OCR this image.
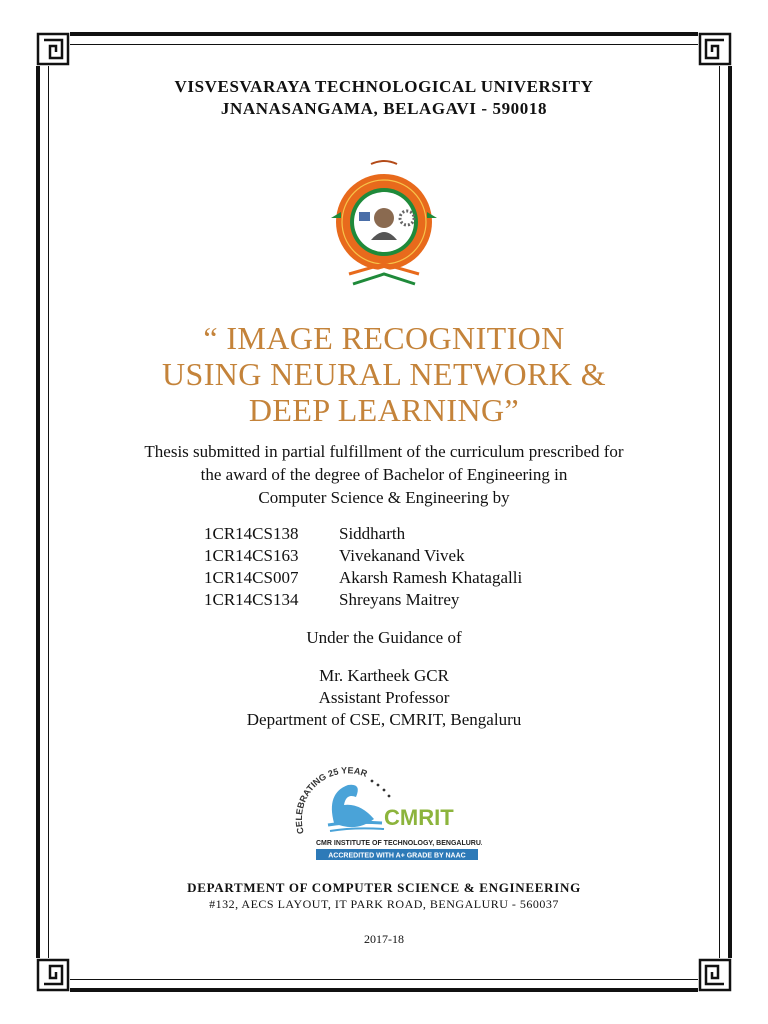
VISVESVARAYA TECHNOLOGICAL UNIVERSITY
JNANASANGAMA, BELAGAVI - 590018
“ IMAGE RECOGNITION
USING NEURAL NETWORK &
DEEP LEARNING”
Thesis submitted in partial fulfillment of the curriculum prescribed for
the award of the degree of Bachelor of Engineering in
Computer Science & Engineering by
1CR14CS138	Siddharth
1CR14CS163	Vivekanand Vivek
1CR14CS007	Akarsh Ramesh Khatagalli
1CR14CS134	Shreyans Maitrey
Under the Guidance of
Mr. Kartheek GCR
Assistant Professor
Department of CSE, CMRIT, Bengaluru
CELEBRATING 25 YEAR
CMRIT
CMR INSTITUTE OF TECHNOLOGY, BENGALURU.
ACCREDITED WITH A+ GRADE BY NAAC
DEPARTMENT OF COMPUTER SCIENCE & ENGINEERING
#132, AECS LAYOUT, IT PARK ROAD, BENGALURU - 560037
2017-18
